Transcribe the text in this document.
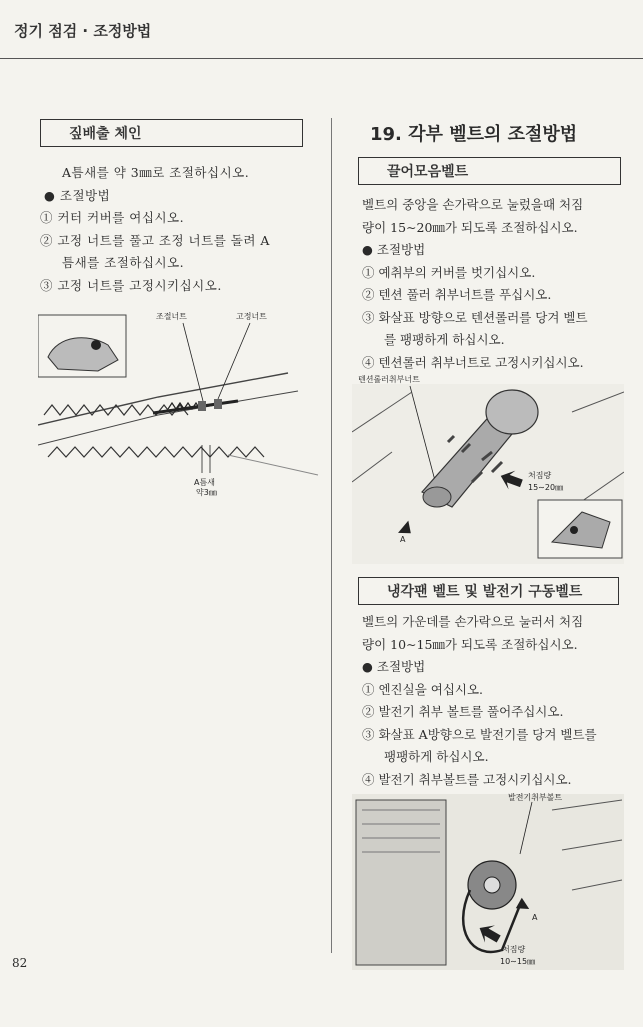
정기 점검 · 조정방법
짚배출 체인
A틈새를 약 3㎜로 조절하십시오.
● 조절방법
① 커터 커버를 여십시오.
② 고정 너트를 풀고 조정 너트를 돌려 A
틈새를 조절하십시오.
③ 고정 너트를 고정시키십시오.
조절너트	고정너트
A틈새
약3㎜
19. 각부 벨트의 조절방법
끌어모음벨트
벨트의 중앙을 손가락으로 눌렀을때 처짐
량이 15∼20㎜가 되도록 조절하십시오.
● 조절방법
① 예취부의 커버를 벗기십시오.
② 텐션 풀러 취부너트를 푸십시오.
③ 화살표 방향으로 텐션롤러를 당겨 벨트
를 팽팽하게 하십시오.
④ 텐션롤러 취부너트로 고정시키십시오.
텐션롤러취부너트
처짐량
15∼20㎜
A
냉각팬 벨트 및 발전기 구동벨트
벨트의 가운데를 손가락으로 눌러서 처짐
량이 10∼15㎜가 되도록 조절하십시오.
● 조절방법
① 엔진실을 여십시오.
② 발전기 취부 볼트를 풀어주십시오.
③ 화살표 A방향으로 발전기를 당겨 벨트를
팽팽하게 하십시오.
④ 발전기 취부볼트를 고정시키십시오.
발전기취부볼트
A
처짐량
10∼15㎜
82
